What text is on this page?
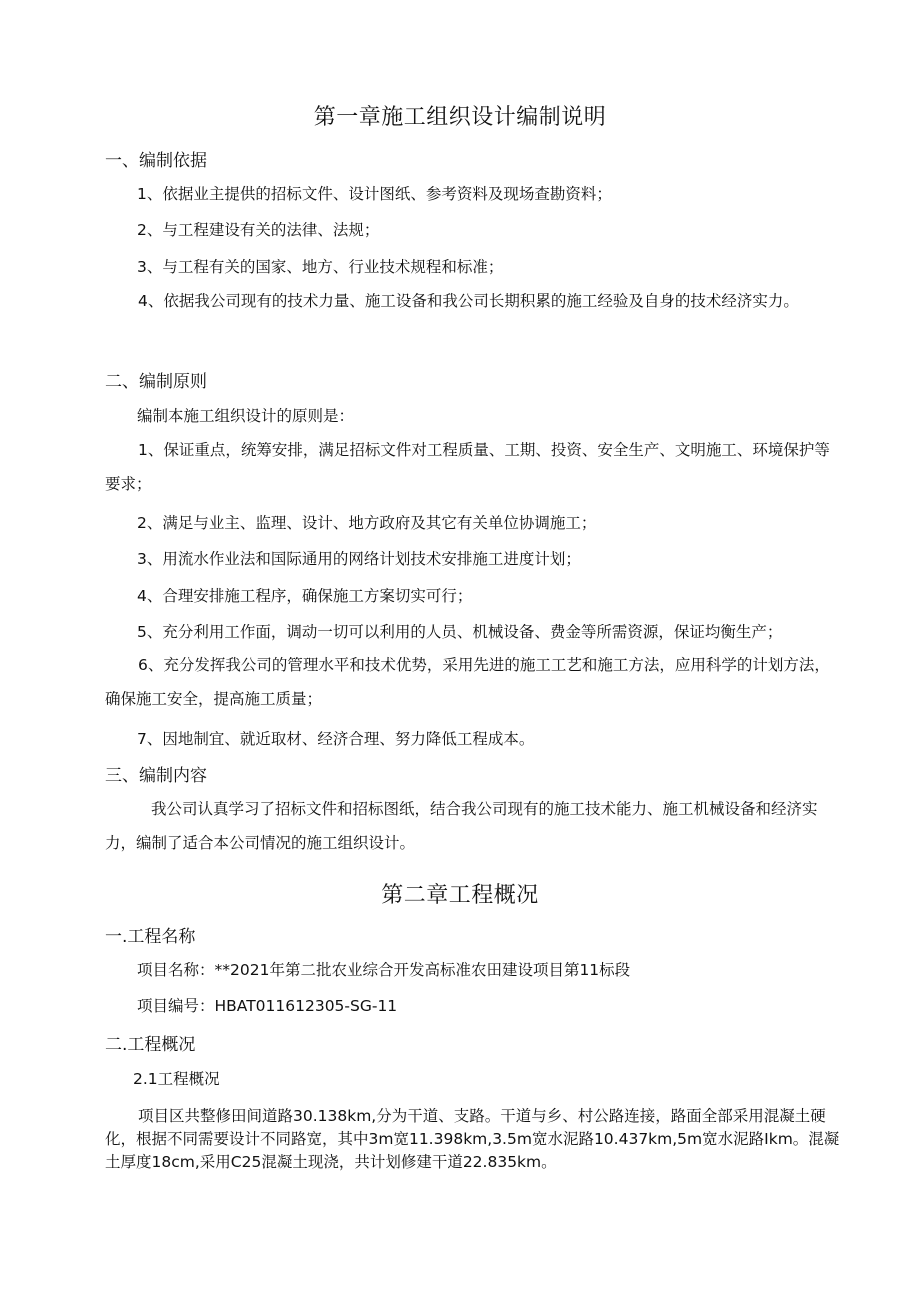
第一章施工组织设计编制说明
一、编制依据

1、依据业主提供的招标文件、设计图纸、参考资料及现场查勘资料；

2、与工程建设有关的法律、法规；

3、与工程有关的国家、地方、行业技术规程和标准；

4、依据我公司现有的技术力量、施工设备和我公司长期积累的施工经验及自身的技术经济实力。

二、编制原则

编制本施工组织设计的原则是：

1、保证重点，统筹安排，满足招标文件对工程质量、工期、投资、安全生产、文明施工、环境保护等要求；

2、满足与业主、监理、设计、地方政府及其它有关单位协调施工；

3、用流水作业法和国际通用的网络计划技术安排施工进度计划；

4、合理安排施工程序，确保施工方案切实可行；

5、充分利用工作面，调动一切可以利用的人员、机械设备、费金等所需资源，保证均衡生产；

6、充分发挥我公司的管理水平和技术优势，采用先进的施工工艺和施工方法，应用科学的计划方法，确保施工安全，提高施工质量；

7、因地制宜、就近取材、经济合理、努力降低工程成本。

三、编制内容

我公司认真学习了招标文件和招标图纸，结合我公司现有的施工技术能力、施工机械设备和经济实力，编制了适合本公司情况的施工组织设计。

第二章工程概况
一.工程名称

项目名称：**2021年第二批农业综合开发高标准农田建设项目第11标段

项目编号：HBAT011612305-SG-11

二.工程概况

2.1工程概况

项目区共整修田间道路30.138km,分为干道、支路。干道与乡、村公路连接，路面全部采用混凝土硬化，根据不同需要设计不同路宽，其中3m宽11.398km,3.5m宽水泥路10.437km,5m宽水泥路Ikm。混凝土厚度18cm,采用C25混凝土现浇，共计划修建干道22.835km。
